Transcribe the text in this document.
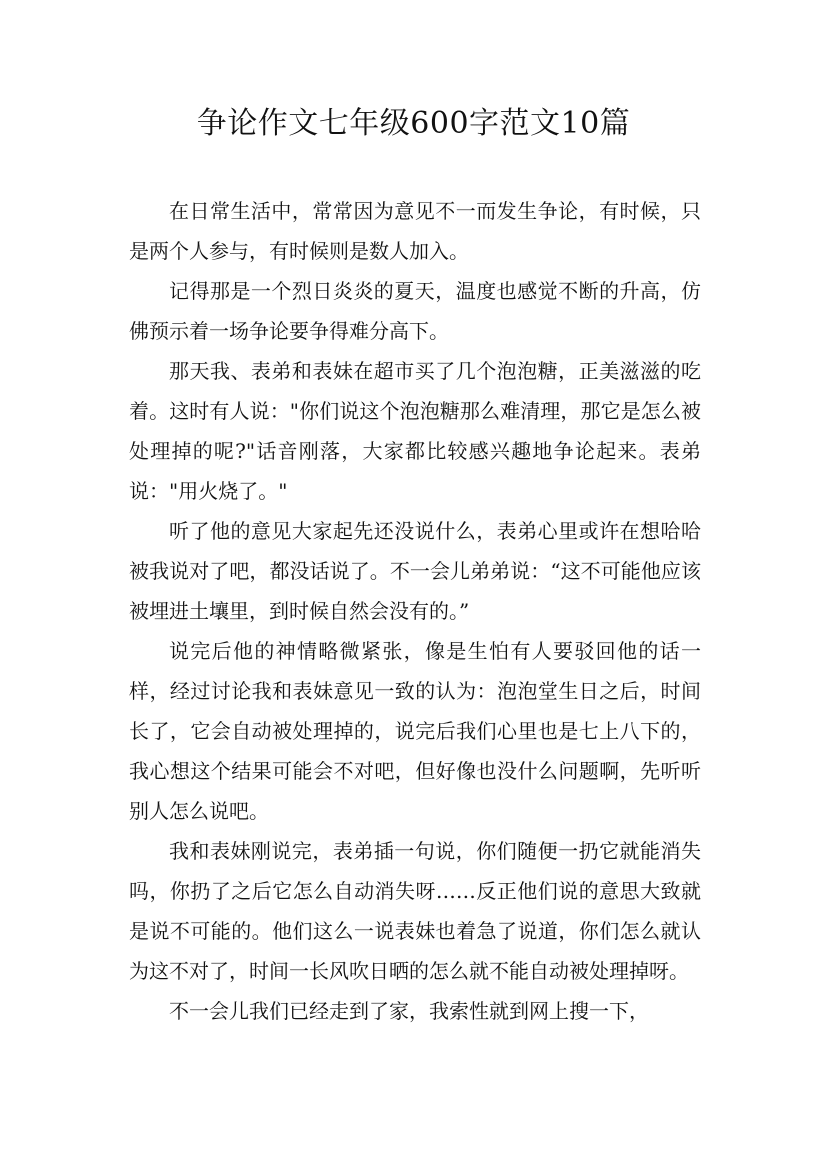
争论作文七年级600字范文10篇

在日常生活中，常常因为意见不一而发生争论，有时候，只是两个人参与，有时候则是数人加入。

记得那是一个烈日炎炎的夏天，温度也感觉不断的升高，仿佛预示着一场争论要争得难分高下。

那天我、表弟和表妹在超市买了几个泡泡糖，正美滋滋的吃着。这时有人说："你们说这个泡泡糖那么难清理，那它是怎么被处理掉的呢?"话音刚落，大家都比较感兴趣地争论起来。表弟说："用火烧了。"

听了他的意见大家起先还没说什么，表弟心里或许在想哈哈被我说对了吧，都没话说了。不一会儿弟弟说：“这不可能他应该被埋进土壤里，到时候自然会没有的。”

说完后他的神情略微紧张，像是生怕有人要驳回他的话一样，经过讨论我和表妹意见一致的认为：泡泡堂生日之后，时间长了，它会自动被处理掉的，说完后我们心里也是七上八下的，我心想这个结果可能会不对吧，但好像也没什么问题啊，先听听别人怎么说吧。

我和表妹刚说完，表弟插一句说，你们随便一扔它就能消失吗，你扔了之后它怎么自动消失呀……反正他们说的意思大致就是说不可能的。他们这么一说表妹也着急了说道，你们怎么就认为这不对了，时间一长风吹日晒的怎么就不能自动被处理掉呀。

不一会儿我们已经走到了家，我索性就到网上搜一下，
